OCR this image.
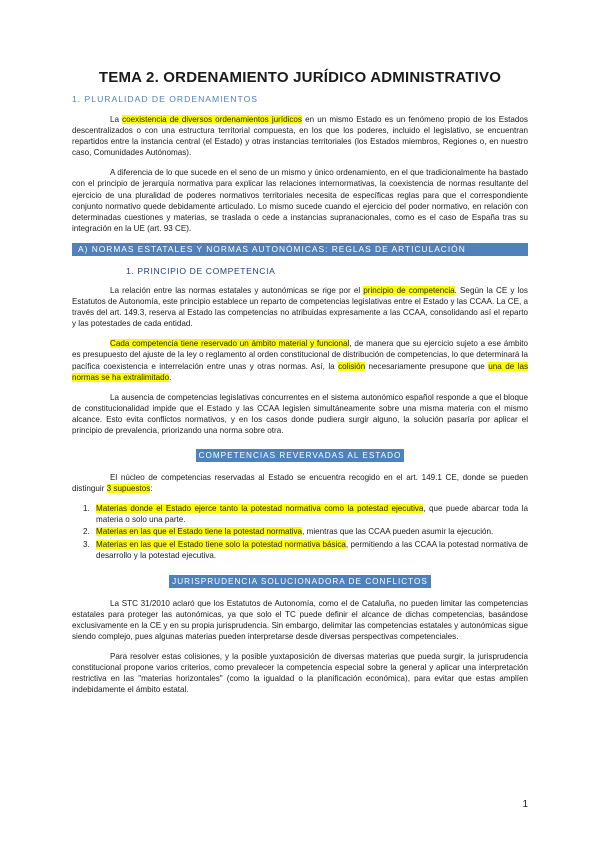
TEMA 2. ORDENAMIENTO JURÍDICO ADMINISTRATIVO
1. PLURALIDAD DE ORDENAMIENTOS

La coexistencia de diversos ordenamientos jurídicos en un mismo Estado es un fenómeno propio de los Estados descentralizados o con una estructura territorial compuesta, en los que los poderes, incluido el legislativo, se encuentran repartidos entre la instancia central (el Estado) y otras instancias territoriales (los Estados miembros, Regiones o, en nuestro caso, Comunidades Autónomas).

A diferencia de lo que sucede en el seno de un mismo y único ordenamiento, en el que tradicionalmente ha bastado con el principio de jerarquía normativa para explicar las relaciones internormativas, la coexistencia de normas resultante del ejercicio de una pluralidad de poderes normativos territoriales necesita de específicas reglas para que el correspondiente conjunto normativo quede debidamente articulado. Lo mismo sucede cuando el ejercicio del poder normativo, en relación con determinadas cuestiones y materias, se traslada o cede a instancias supranacionales, como es el caso de España tras su integración en la UE (art. 93 CE).

A) NORMAS ESTATALES Y NORMAS AUTONÓMICAS: REGLAS DE ARTICULACIÓN
1. PRINCIPIO DE COMPETENCIA

La relación entre las normas estatales y autonómicas se rige por el principio de competencia. Según la CE y los Estatutos de Autonomía, este principio establece un reparto de competencias legislativas entre el Estado y las CCAA. La CE, a través del art. 149.3, reserva al Estado las competencias no atribuidas expresamente a las CCAA, consolidando así el reparto y las potestades de cada entidad.

Cada competencia tiene reservado un ámbito material y funcional, de manera que su ejercicio sujeto a ese ámbito es presupuesto del ajuste de la ley o reglamento al orden constitucional de distribución de competencias, lo que determinará la pacífica coexistencia e interrelación entre unas y otras normas. Así, la colisión necesariamente presupone que una de las normas se ha extralimitado.

La ausencia de competencias legislativas concurrentes en el sistema autonómico español responde a que el bloque de constitucionalidad impide que el Estado y las CCAA legislen simultáneamente sobre una misma materia con el mismo alcance. Esto evita conflictos normativos, y en los casos donde pudiera surgir alguno, la solución pasaría por aplicar el principio de prevalencia, priorizando una norma sobre otra.

COMPETENCIAS REVERVADAS AL ESTADO

El núcleo de competencias reservadas al Estado se encuentra recogido en el art. 149.1 CE, donde se pueden distinguir 3 supuestos:

1. Materias donde el Estado ejerce tanto la potestad normativa como la potestad ejecutiva, que puede abarcar toda la materia o solo una parte.
2. Materias en las que el Estado tiene la potestad normativa, mientras que las CCAA pueden asumir la ejecución.
3. Materias en las que el Estado tiene solo la potestad normativa básica, permitiendo a las CCAA la potestad normativa de desarrollo y la potestad ejecutiva.
JURISPRUDENCIA SOLUCIONADORA DE CONFLICTOS

La STC 31/2010 aclaró que los Estatutos de Autonomía, como el de Cataluña, no pueden limitar las competencias estatales para proteger las autonómicas, ya que solo el TC puede definir el alcance de dichas competencias, basándose exclusivamente en la CE y en su propia jurisprudencia. Sin embargo, delimitar las competencias estatales y autonómicas sigue siendo complejo, pues algunas materias pueden interpretarse desde diversas perspectivas competenciales.

Para resolver estas colisiones, y la posible yuxtaposición de diversas materias que pueda surgir, la jurisprudencia constitucional propone varios criterios, como prevalecer la competencia especial sobre la general y aplicar una interpretación restrictiva en las "materias horizontales" (como la igualdad o la planificación económica), para evitar que estas amplíen indebidamente el ámbito estatal.

1
